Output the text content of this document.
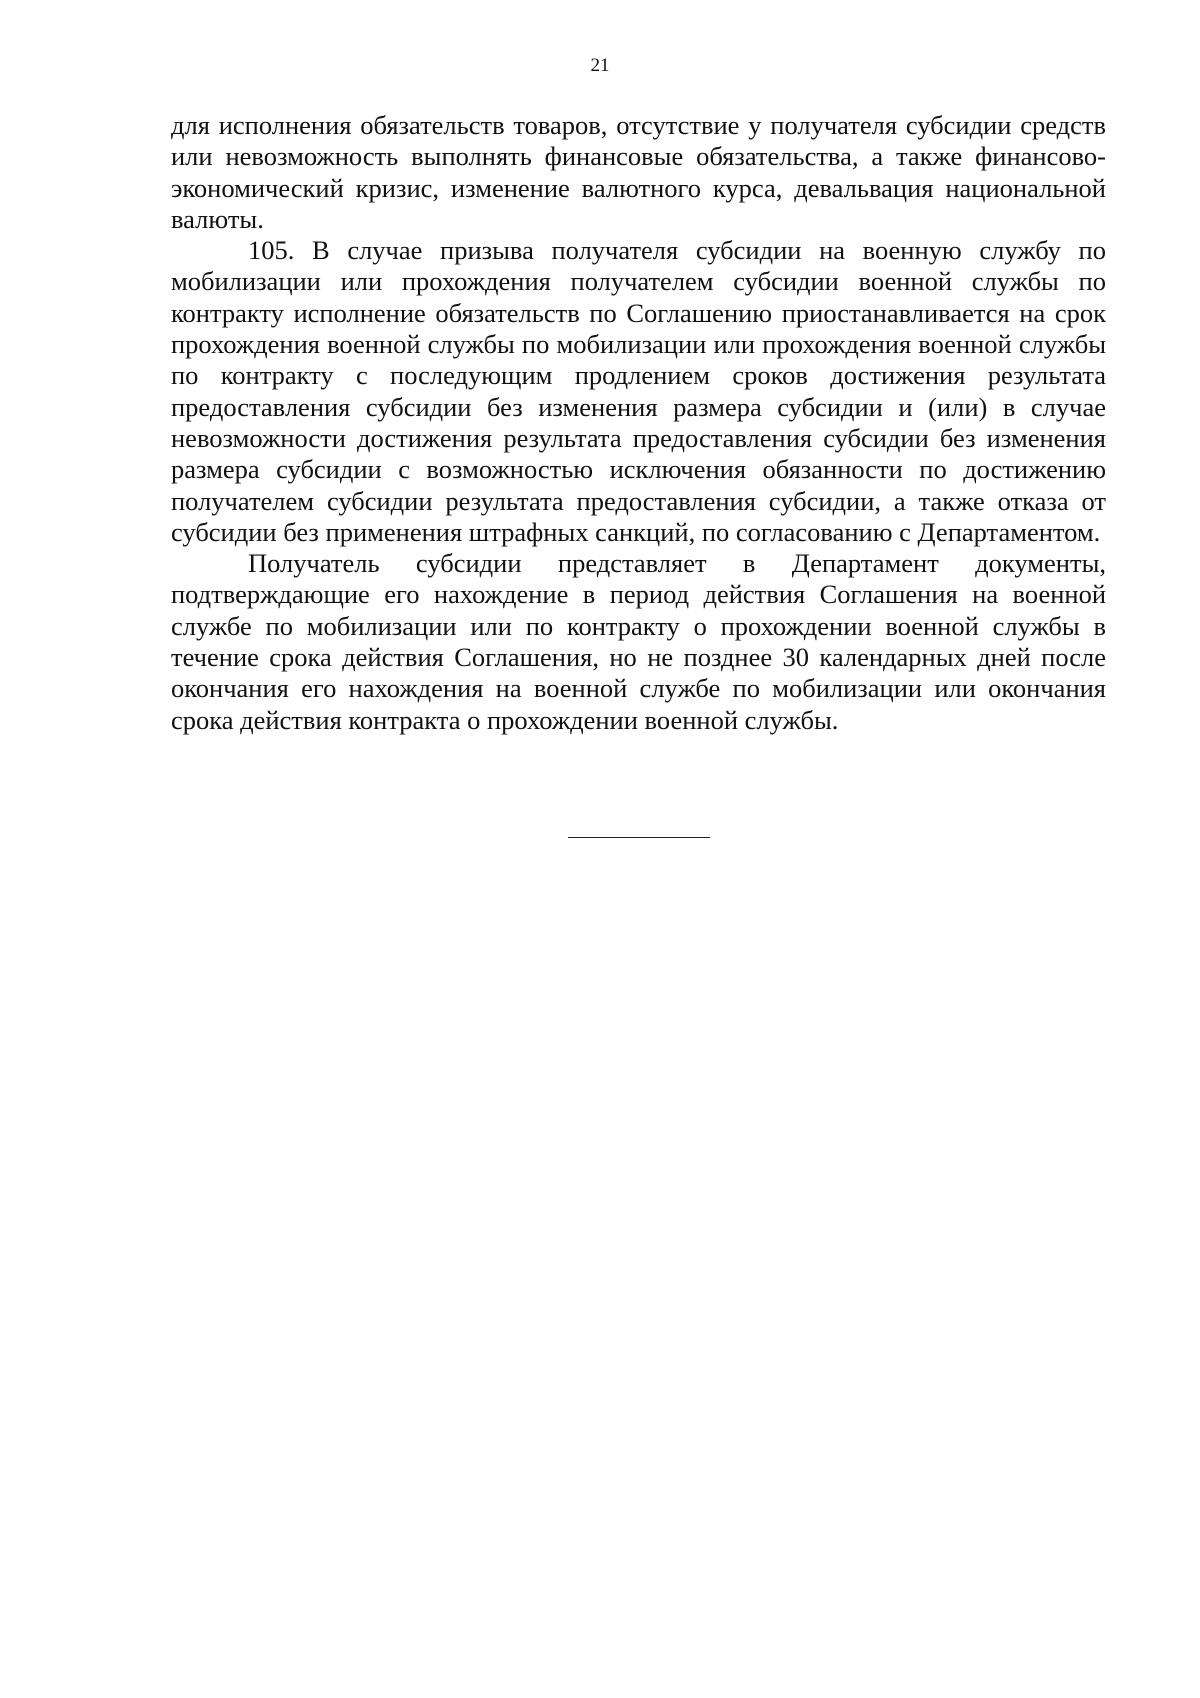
21

для исполнения обязательств товаров, отсутствие у получателя субсидии средств или невозможность выполнять финансовые обязательства, а также финансово-экономический кризис, изменение валютного курса, девальвация национальной валюты.

105. В случае призыва получателя субсидии на военную службу по мобилизации или прохождения получателем субсидии военной службы по контракту исполнение обязательств по Соглашению приостанавливается на срок прохождения военной службы по мобилизации или прохождения военной службы по контракту с последующим продлением сроков достижения результата предоставления субсидии без изменения размера субсидии и (или) в случае невозможности достижения результата предоставления субсидии без изменения размера субсидии с возможностью исключения обязанности по достижению получателем субсидии результата предоставления субсидии, а также отказа от субсидии без применения штрафных санкций, по согласованию с Департаментом.

Получатель субсидии представляет в Департамент документы, подтверждающие его нахождение в период действия Соглашения на военной службе по мобилизации или по контракту о прохождении военной службы в течение срока действия Соглашения, но не позднее 30 календарных дней после окончания его нахождения на военной службе по мобилизации или окончания срока действия контракта о прохождении военной службы.
